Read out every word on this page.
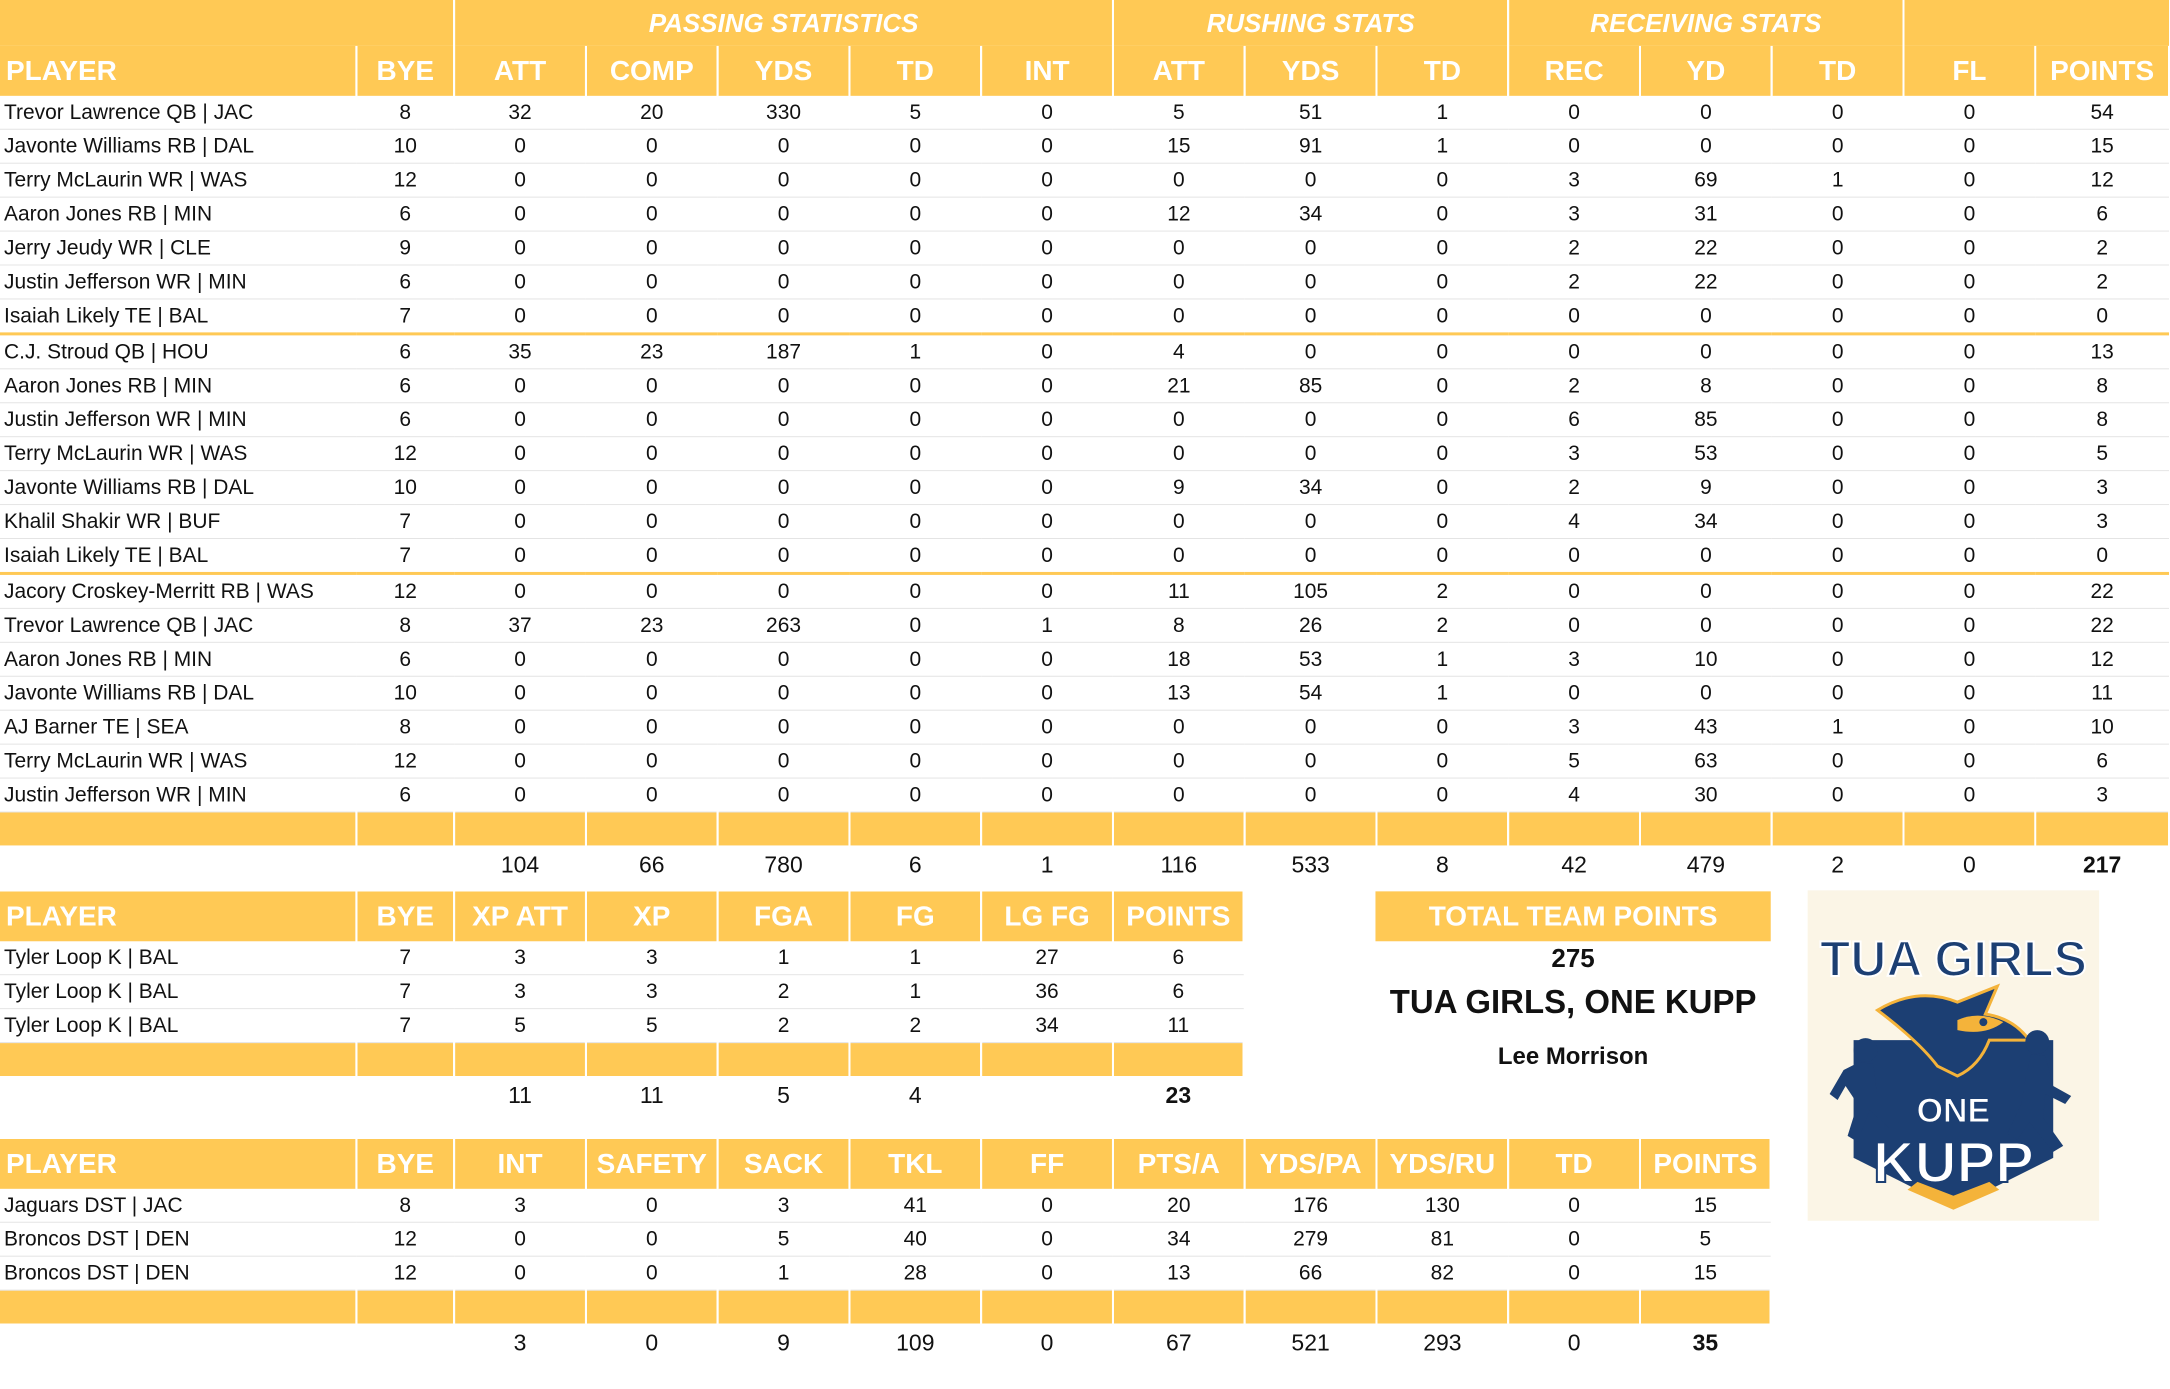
		PASSING STATISTICS					RUSHING STATS			RECEIVING STATS				
PLAYER	BYE	ATT	COMP	YDS	TD	INT	ATT	YDS	TD	REC	YD	TD	FL	POINTS
Trevor Lawrence QB | JAC	8	32	20	330	5	0	5	51	1	0	0	0	0	54
Javonte Williams RB | DAL	10	0	0	0	0	0	15	91	1	0	0	0	0	15
Terry McLaurin WR | WAS	12	0	0	0	0	0	0	0	0	3	69	1	0	12
Aaron Jones RB | MIN	6	0	0	0	0	0	12	34	0	3	31	0	0	6
Jerry Jeudy WR | CLE	9	0	0	0	0	0	0	0	0	2	22	0	0	2
Justin Jefferson WR | MIN	6	0	0	0	0	0	0	0	0	2	22	0	0	2
Isaiah Likely TE | BAL	7	0	0	0	0	0	0	0	0	0	0	0	0	0
C.J. Stroud QB | HOU	6	35	23	187	1	0	4	0	0	0	0	0	0	13
Aaron Jones RB | MIN	6	0	0	0	0	0	21	85	0	2	8	0	0	8
Justin Jefferson WR | MIN	6	0	0	0	0	0	0	0	0	6	85	0	0	8
Terry McLaurin WR | WAS	12	0	0	0	0	0	0	0	0	3	53	0	0	5
Javonte Williams RB | DAL	10	0	0	0	0	0	9	34	0	2	9	0	0	3
Khalil Shakir WR | BUF	7	0	0	0	0	0	0	0	0	4	34	0	0	3
Isaiah Likely TE | BAL	7	0	0	0	0	0	0	0	0	0	0	0	0	0
Jacory Croskey-Merritt RB | WAS	12	0	0	0	0	0	11	105	2	0	0	0	0	22
Trevor Lawrence QB | JAC	8	37	23	263	0	1	8	26	2	0	0	0	0	22
Aaron Jones RB | MIN	6	0	0	0	0	0	18	53	1	3	10	0	0	12
Javonte Williams RB | DAL	10	0	0	0	0	0	13	54	1	0	0	0	0	11
AJ Barner TE | SEA	8	0	0	0	0	0	0	0	0	3	43	1	0	10
Terry McLaurin WR | WAS	12	0	0	0	0	0	0	0	0	5	63	0	0	6
Justin Jefferson WR | MIN	6	0	0	0	0	0	0	0	0	4	30	0	0	3

		104	66	780	6	1	116	533	8	42	479	2	0	217
PLAYER	BYE	XP ATT	XP	FGA	FG	LG FG	POINTS
Tyler Loop K | BAL	7	3	3	1	1	27	6
Tyler Loop K | BAL	7	3	3	2	1	36	6
Tyler Loop K | BAL	7	5	5	2	2	34	11

		11	11	5	4		23
PLAYER	BYE	INT	SAFETY	SACK	TKL	FF	PTS/A	YDS/PA	YDS/RU	TD	POINTS
Jaguars DST | JAC	8	3	0	3	41	0	20	176	130	0	15
Broncos DST | DEN	12	0	0	5	40	0	34	279	81	0	5
Broncos DST | DEN	12	0	0	1	28	0	13	66	82	0	15

		3	0	9	109	0	67	521	293	0	35
TOTAL TEAM POINTS
275
TUA GIRLS, ONE KUPP
Lee Morrison
TUA GIRLS
ONE
KUPP
